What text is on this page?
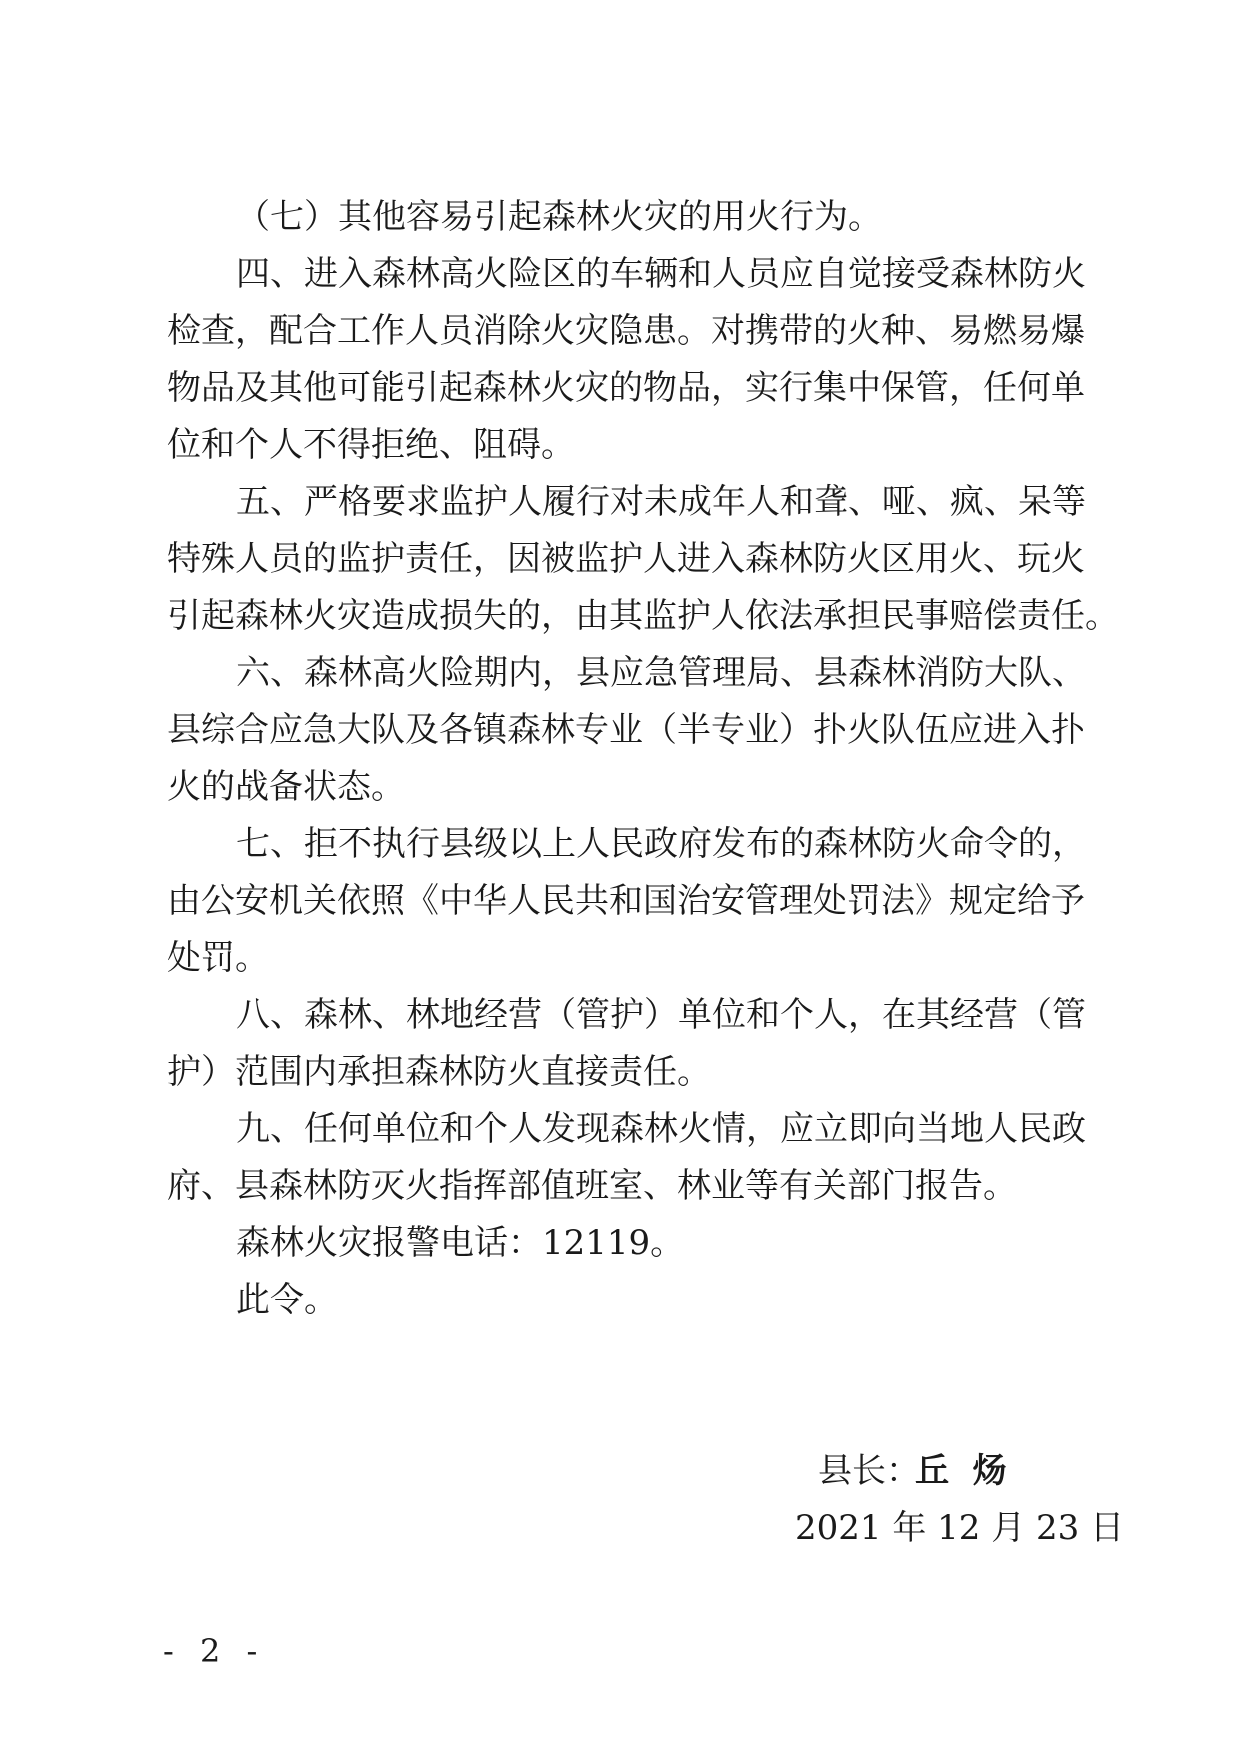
（七）其他容易引起森林火灾的用火行为。
四、进入森林高火险区的车辆和人员应自觉接受森林防火
检查，配合工作人员消除火灾隐患。对携带的火种、易燃易爆
物品及其他可能引起森林火灾的物品，实行集中保管，任何单
位和个人不得拒绝、阻碍。
五、严格要求监护人履行对未成年人和聋、哑、疯、呆等
特殊人员的监护责任，因被监护人进入森林防火区用火、玩火
引起森林火灾造成损失的，由其监护人依法承担民事赔偿责任。
六、森林高火险期内，县应急管理局、县森林消防大队、
县综合应急大队及各镇森林专业（半专业）扑火队伍应进入扑
火的战备状态。
七、拒不执行县级以上人民政府发布的森林防火命令的，
由公安机关依照《中华人民共和国治安管理处罚法》规定给予
处罚。
八、森林、林地经营（管护）单位和个人，在其经营（管
护）范围内承担森林防火直接责任。
九、任何单位和个人发现森林火情，应立即向当地人民政
府、县森林防灭火指挥部值班室、林业等有关部门报告。
森林火灾报警电话：12119。
此令。
县长：
丘  炀
2021 年 12 月 23 日
- 2 -
